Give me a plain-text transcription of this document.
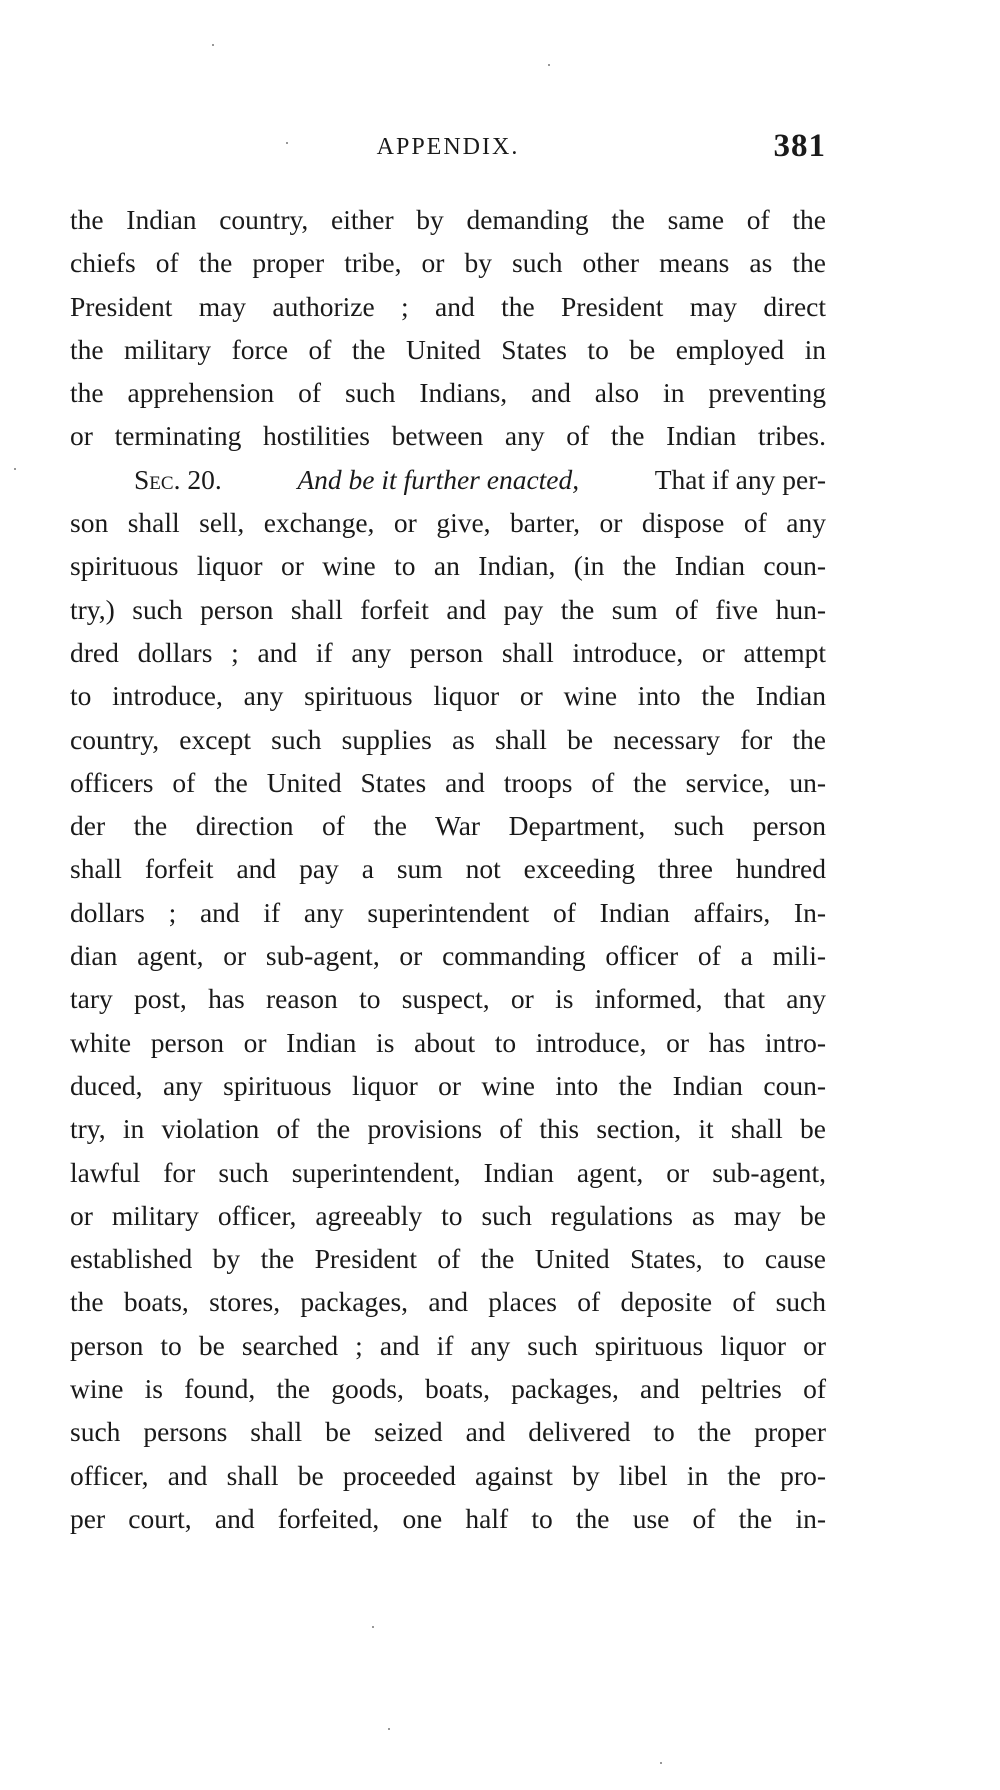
APPENDIX.	381
the Indian country, either by demanding the same of the
chiefs of the proper tribe, or by such other means as the
President may authorize ; and the President may direct
the military force of the United States to be employed in
the apprehension of such Indians, and also in preventing
or terminating hostilities between any of the Indian tribes.
Sec. 20.	And be it further enacted,	That if any per-
son shall sell, exchange, or give, barter, or dispose of any
spirituous liquor or wine to an Indian, (in the Indian coun-
try,) such person shall forfeit and pay the sum of five hun-
dred dollars ; and if any person shall introduce, or attempt
to introduce, any spirituous liquor or wine into the Indian
country, except such supplies as shall be necessary for the
officers of the United States and troops of the service, un-
der the direction of the War Department, such person
shall forfeit and pay a sum not exceeding three hundred
dollars ; and if any superintendent of Indian affairs, In-
dian agent, or sub-agent, or commanding officer of a mili-
tary post, has reason to suspect, or is informed, that any
white person or Indian is about to introduce, or has intro-
duced, any spirituous liquor or wine into the Indian coun-
try, in violation of the provisions of this section, it shall be
lawful for such superintendent, Indian agent, or sub-agent,
or military officer, agreeably to such regulations as may be
established by the President of the United States, to cause
the boats, stores, packages, and places of deposite of such
person to be searched ; and if any such spirituous liquor or
wine is found, the goods, boats, packages, and peltries of
such persons shall be seized and delivered to the proper
officer, and shall be proceeded against by libel in the pro-
per court, and forfeited, one half to the use of the in-
